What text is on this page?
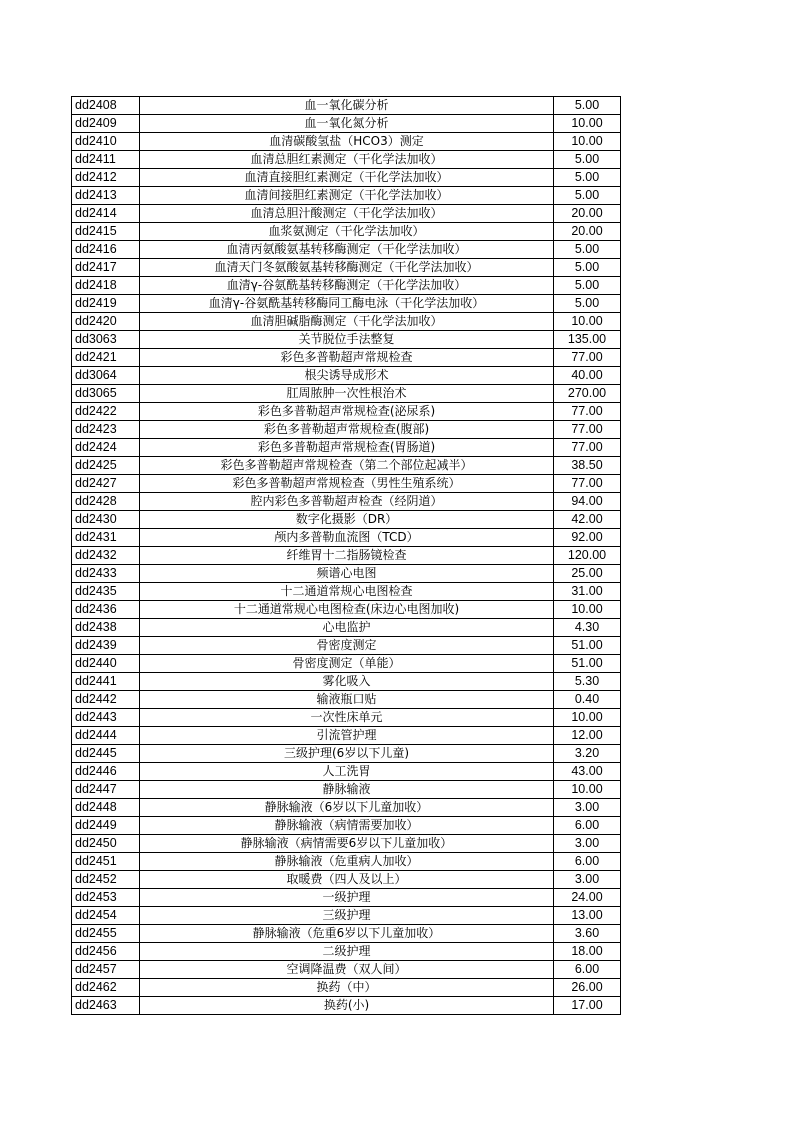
dd2408	血一氧化碳分析	5.00
dd2409	血一氧化氮分析	10.00
dd2410	血清碳酸氢盐（HCO3）测定	10.00
dd2411	血清总胆红素测定（干化学法加收）	5.00
dd2412	血清直接胆红素测定（干化学法加收）	5.00
dd2413	血清间接胆红素测定（干化学法加收）	5.00
dd2414	血清总胆汁酸测定（干化学法加收）	20.00
dd2415	血浆氨测定（干化学法加收）	20.00
dd2416	血清丙氨酸氨基转移酶测定（干化学法加收）	5.00
dd2417	血清天门冬氨酸氨基转移酶测定（干化学法加收）	5.00
dd2418	血清γ-谷氨酰基转移酶测定（干化学法加收）	5.00
dd2419	血清γ-谷氨酰基转移酶同工酶电泳（干化学法加收）	5.00
dd2420	血清胆碱脂酶测定（干化学法加收）	10.00
dd3063	关节脱位手法整复	135.00
dd2421	彩色多普勒超声常规检查	77.00
dd3064	根尖诱导成形术	40.00
dd3065	肛周脓肿一次性根治术	270.00
dd2422	彩色多普勒超声常规检查(泌尿系)	77.00
dd2423	彩色多普勒超声常规检查(腹部)	77.00
dd2424	彩色多普勒超声常规检查(胃肠道)	77.00
dd2425	彩色多普勒超声常规检查（第二个部位起减半）	38.50
dd2427	彩色多普勒超声常规检查（男性生殖系统）	77.00
dd2428	腔内彩色多普勒超声检查（经阴道）	94.00
dd2430	数字化摄影（DR）	42.00
dd2431	颅内多普勒血流图（TCD）	92.00
dd2432	纤维胃十二指肠镜检查	120.00
dd2433	频谱心电图	25.00
dd2435	十二通道常规心电图检查	31.00
dd2436	十二通道常规心电图检查(床边心电图加收)	10.00
dd2438	心电监护	4.30
dd2439	骨密度测定	51.00
dd2440	骨密度测定（单能）	51.00
dd2441	雾化吸入	5.30
dd2442	输液瓶口贴	0.40
dd2443	一次性床单元	10.00
dd2444	引流管护理	12.00
dd2445	三级护理(6岁以下儿童)	3.20
dd2446	人工洗胃	43.00
dd2447	静脉输液	10.00
dd2448	静脉输液（6岁以下儿童加收）	3.00
dd2449	静脉输液（病情需要加收）	6.00
dd2450	静脉输液（病情需要6岁以下儿童加收）	3.00
dd2451	静脉输液（危重病人加收）	6.00
dd2452	取暖费（四人及以上）	3.00
dd2453	一级护理	24.00
dd2454	三级护理	13.00
dd2455	静脉输液（危重6岁以下儿童加收）	3.60
dd2456	二级护理	18.00
dd2457	空调降温费（双人间）	6.00
dd2462	换药（中）	26.00
dd2463	换药(小)	17.00
